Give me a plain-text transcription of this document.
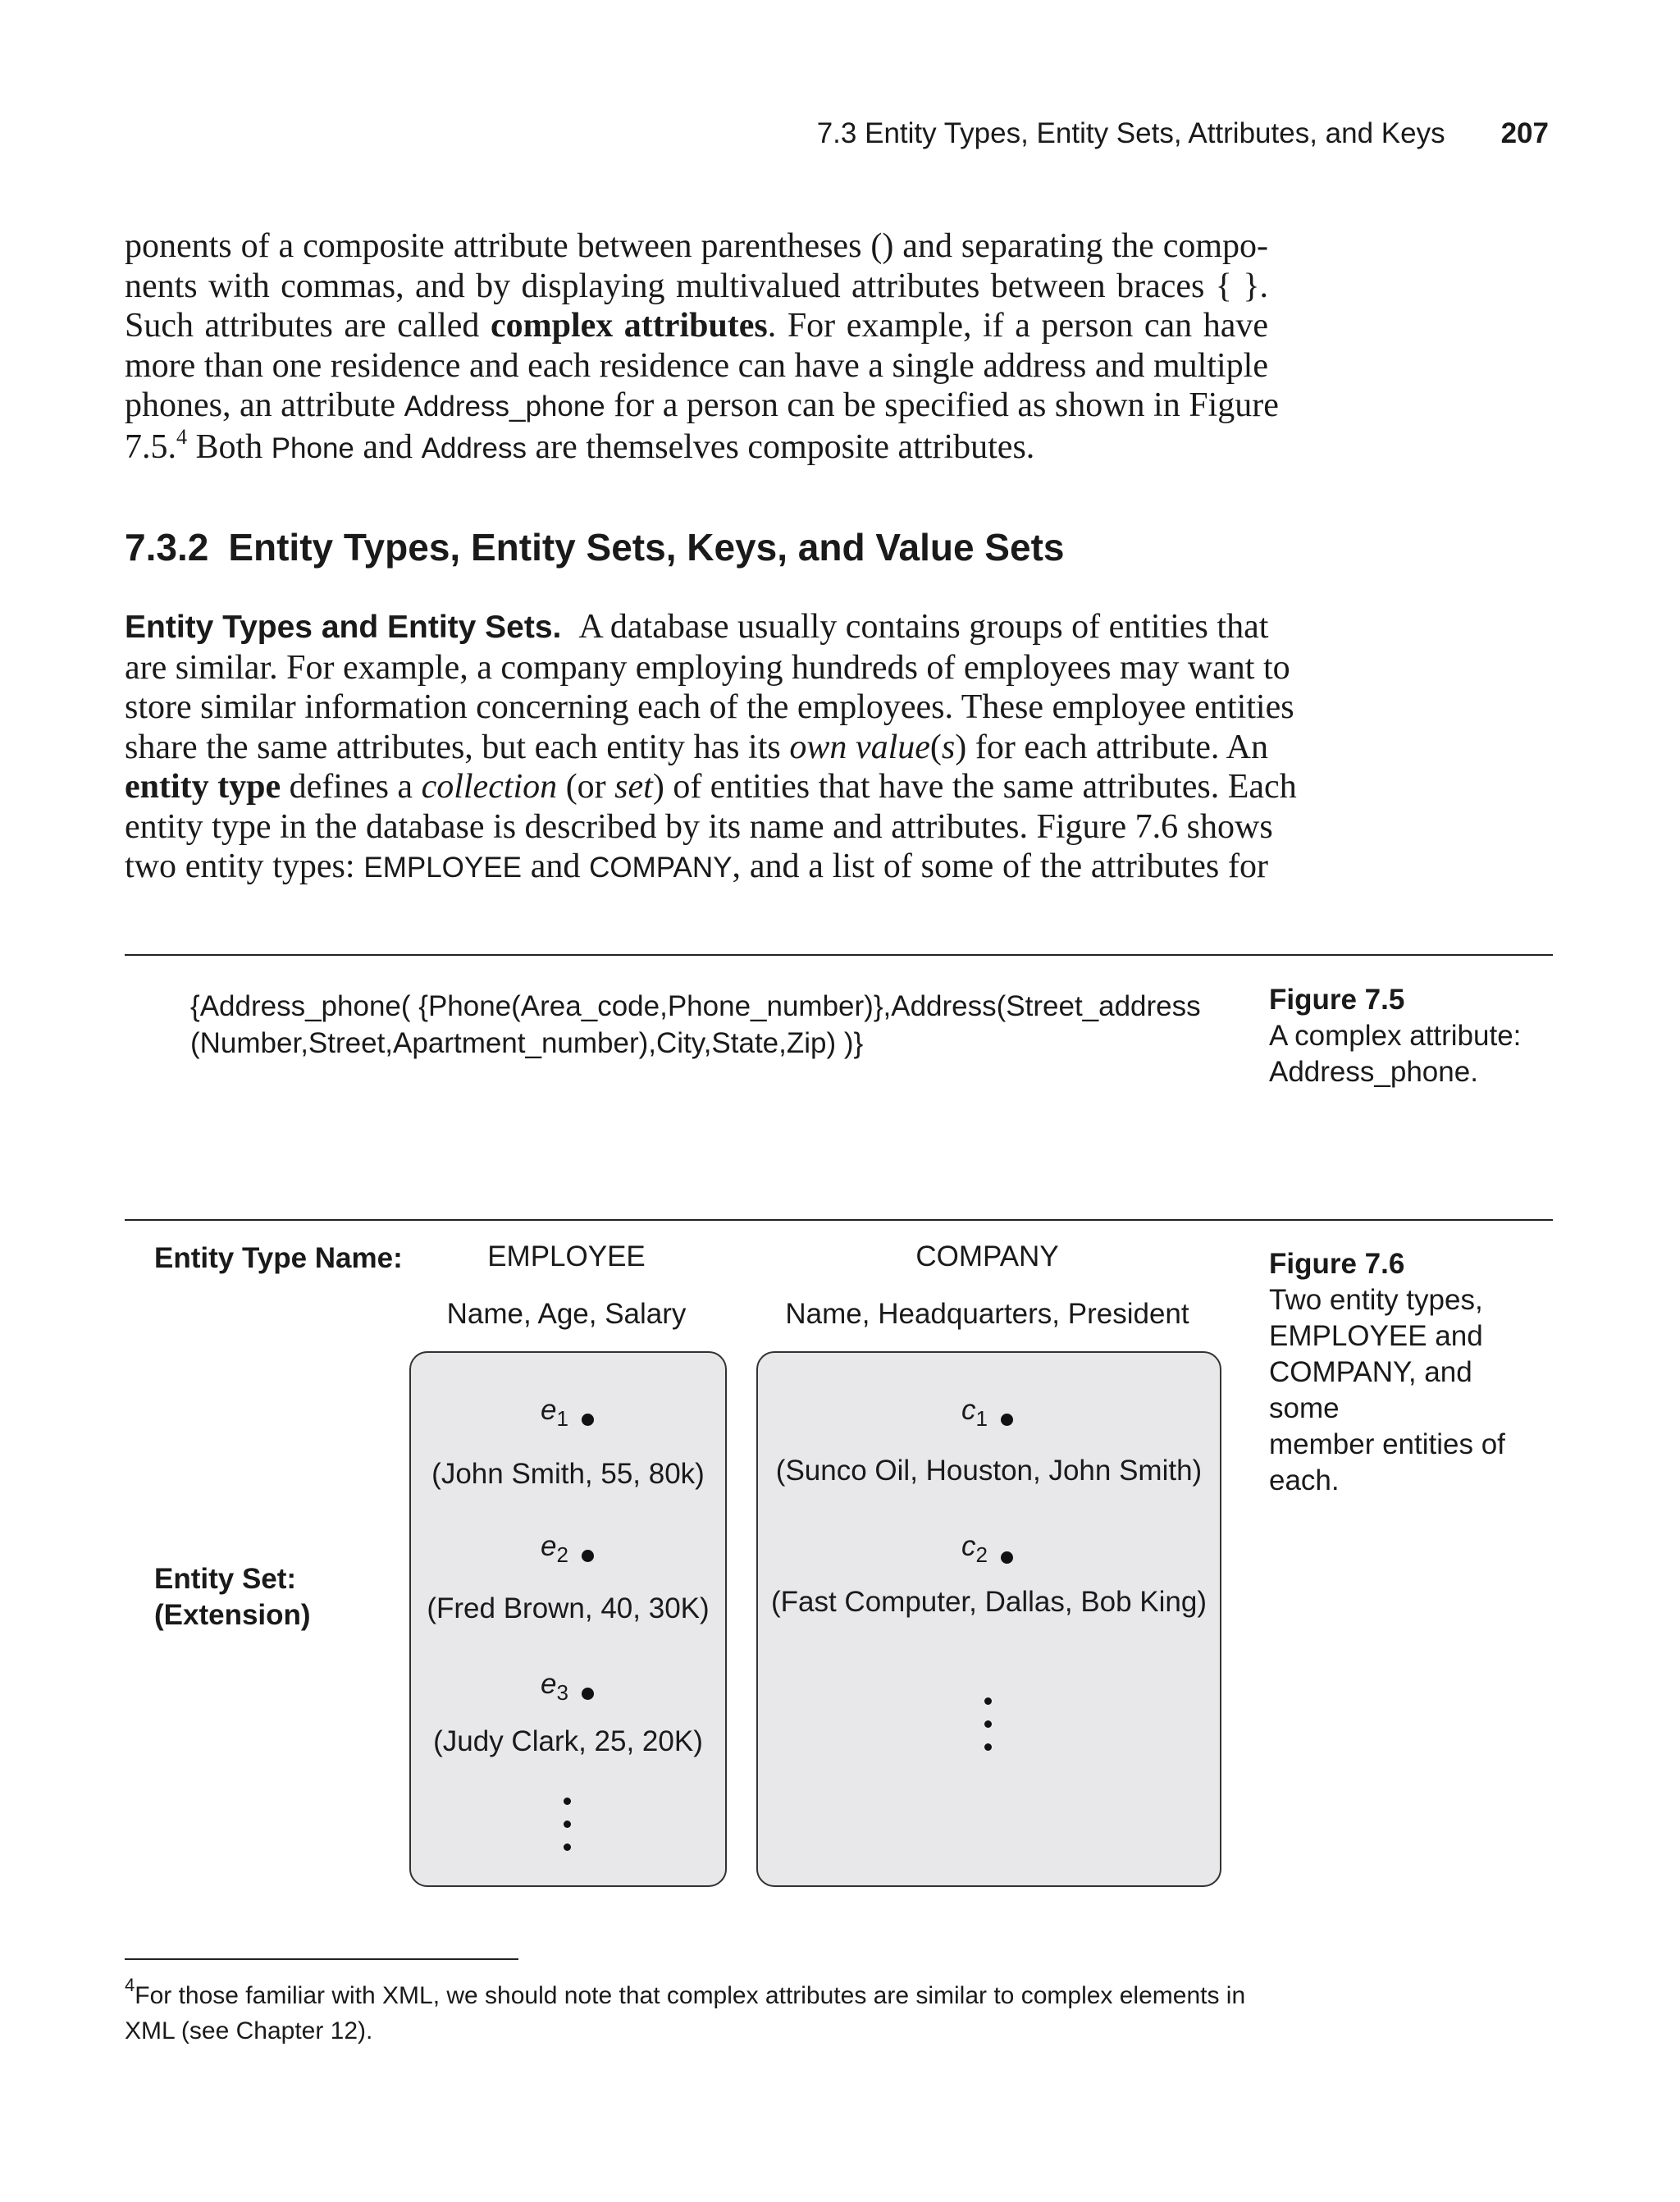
7.3 Entity Types, Entity Sets, Attributes, and Keys 207
ponents of a composite attribute between parentheses () and separating the compo-
nents with commas, and by displaying multivalued attributes between braces { }.
Such attributes are called complex attributes. For example, if a person can have
more than one residence and each residence can have a single address and multiple
phones, an attribute Address_phone for a person can be specified as shown in Figure
7.5.$^4$ Both Phone and Address are themselves composite attributes.
7.3.2 Entity Types, Entity Sets, Keys, and Value Sets
Entity Types and Entity Sets.  A database usually contains groups of entities that
are similar. For example, a company employing hundreds of employees may want to
store similar information concerning each of the employees. These employee entities
share the same attributes, but each entity has its own value(s) for each attribute. An
entity type defines a collection (or set) of entities that have the same attributes. Each
entity type in the database is described by its name and attributes. Figure 7.6 shows
two entity types: EMPLOYEE and COMPANY, and a list of some of the attributes for
{Address_phone( {Phone(Area_code,Phone_number)},Address(Street_address
(Number,Street,Apartment_number),City,State,Zip) )}
Figure 7.5
A complex attribute:
Address_phone.
Entity Type Name:
Entity Set:
(Extension)
EMPLOYEE
Name, Age, Salary
COMPANY
Name, Headquarters, President
$e_1$
(John Smith, 55, 80k)
$e_2$
(Fred Brown, 40, 30K)
$e_3$
(Judy Clark, 25, 20K)
$c_1$
(Sunco Oil, Houston, John Smith)
$c_2$
(Fast Computer, Dallas, Bob King)
Figure 7.6
Two entity types,
EMPLOYEE and
COMPANY, and some
member entities of
each.
$^4$For those familiar with XML, we should note that complex attributes are similar to complex elements in
XML (see Chapter 12).
